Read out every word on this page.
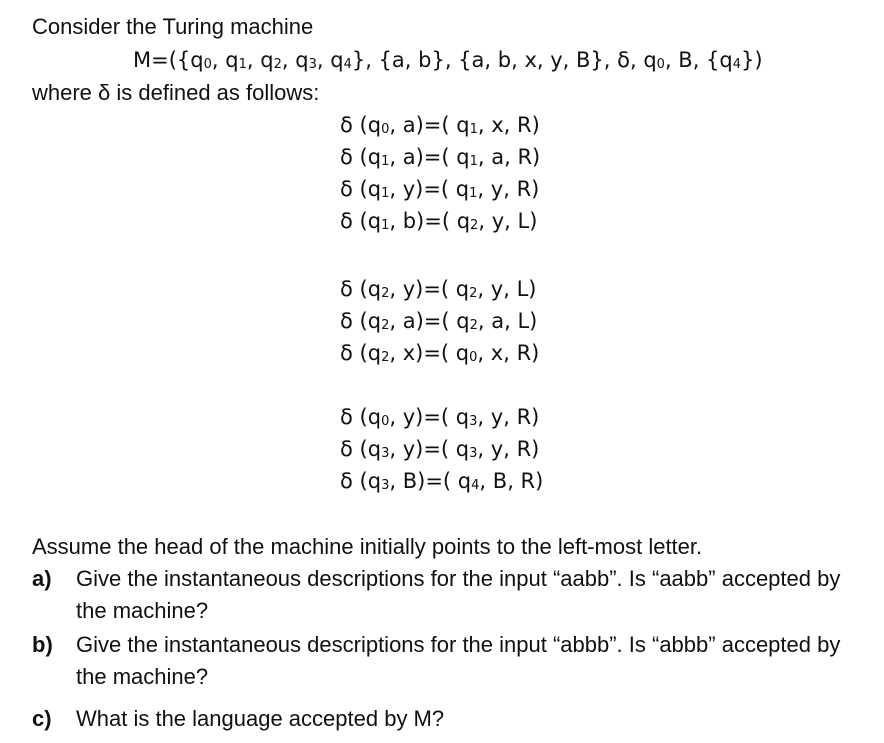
Consider the Turing machine
$M=(\{q_0$, $q_1$, $q_2$, $q_3$, $q_4$}, {a, b}, {a, b, x, y, B}, δ, $q_0$, B, $\{q_4\}$)
where δ is defined as follows:
δ ($q_0$, a)=( $q_1$, x, R)
δ ($q_1$, a)=( $q_1$, a, R)
δ ($q_1$, y)=( $q_1$, y, R)
δ ($q_1$, b)=( $q_2$, y, L)
δ ($q_2$, y)=( $q_2$, y, L)
δ ($q_2$, a)=( $q_2$, a, L)
δ ($q_2$, x)=( $q_0$, x, R)
δ ($q_0$, y)=( $q_3$, y, R)
δ ($q_3$, y)=( $q_3$, y, R)
δ ($q_3$, B)=( $q_4$, B, R)
Assume the head of the machine initially points to the left-most letter.
a) Give the instantaneous descriptions for the input “aabb”. Is “aabb” accepted by the machine?
b) Give the instantaneous descriptions for the input “abbb”. Is “abbb” accepted by the machine?
c) What is the language accepted by M?
